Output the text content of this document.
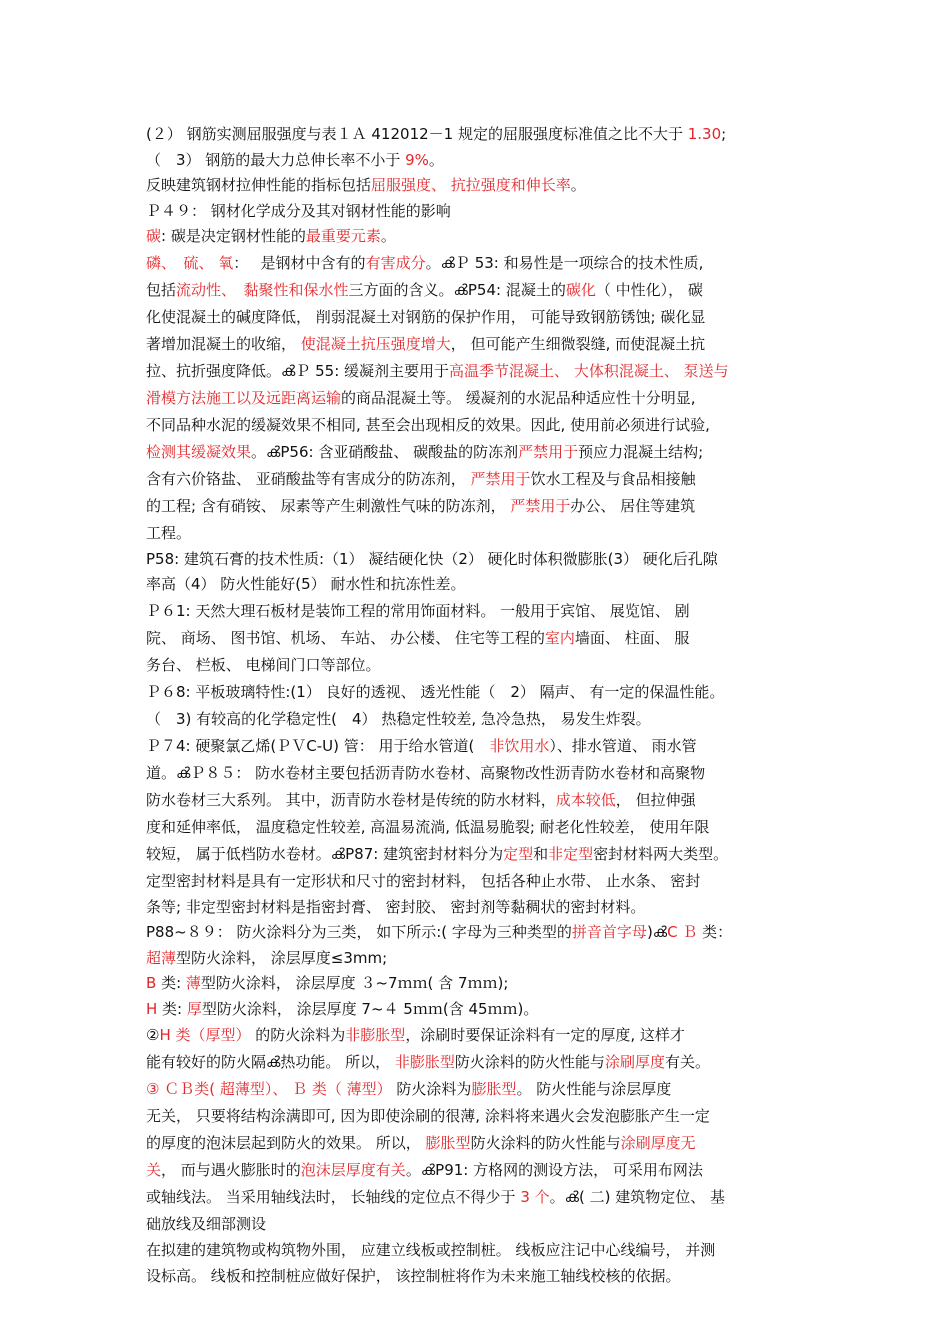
(２） 钢筋实测屈服强度与表１Ａ 412012－1 规定的屈服强度标准值之比不大于 1.30;
（　3） 钢筋的最大力总伸长率不小于 9%。
反映建筑钢材拉伸性能的指标包括屈服强度、 抗拉强度和伸长率。
Ｐ４９： 钢材化学成分及其对钢材性能的影响
碳: 碳是决定钢材性能的最重要元素。
磷、　硫、 氧：　 是钢材中含有的有害成分。ൿＰ 53: 和易性是一项综合的技术性质,
包括流动性、　黏聚性和保水性三方面的含义。ൿP54: 混凝土的碳化（ 中性化）， 碳
化使混凝土的碱度降低， 削弱混凝土对钢筋的保护作用， 可能导致钢筋锈蚀; 碳化显
著增加混凝土的收缩， 使混凝土抗压强度增大， 但可能产生细微裂缝, 而使混凝土抗
拉、抗折强度降低。ൿＰ 55: 缓凝剂主要用于高温季节混凝土、 大体积混凝土、 泵送与
滑模方法施工以及远距离运输的商品混凝土等。 缓凝剂的水泥品种适应性十分明显,
不同品种水泥的缓凝效果不相同, 甚至会出现相反的效果。因此, 使用前必须进行试验,
检测其缓凝效果。ൿP56: 含亚硝酸盐、 碳酸盐的防冻剂严禁用于预应力混凝土结构;
含有六价铬盐、 亚硝酸盐等有害成分的防冻剂， 严禁用于饮水工程及与食品相接触
的工程; 含有硝铵、 尿素等产生刺激性气味的防冻剂， 严禁用于办公、 居住等建筑
工程。
P58: 建筑石膏的技术性质:（1） 凝结硬化快（2） 硬化时体积微膨胀(3） 硬化后孔隙
率高（4） 防火性能好(5） 耐水性和抗冻性差。
Ｐ６1: 天然大理石板材是装饰工程的常用饰面材料。 一般用于宾馆、 展览馆、 剧
院、 商场、 图书馆、机场、 车站、 办公楼、 住宅等工程的室内墙面、 柱面、 服
务台、 栏板、 电梯间门口等部位。
Ｐ６8: 平板玻璃特性:(1） 良好的透视、 透光性能（　2） 隔声、 有一定的保温性能。
（　3) 有较高的化学稳定性(　4） 热稳定性较差, 急冷急热， 易发生炸裂。
Ｐ７4: 硬聚氯乙烯(ＰＶC-U) 管： 用于给水管道(　非饮用水）、排水管道、 雨水管
道。ൿＰ８５： 防水卷材主要包括沥青防水卷材、高聚物改性沥青防水卷材和高聚物
防水卷材三大系列。 其中，沥青防水卷材是传统的防水材料，成本较低， 但拉伸强
度和延伸率低， 温度稳定性较差, 高温易流淌, 低温易脆裂; 耐老化性较差， 使用年限
较短， 属于低档防水卷材。ൿP87: 建筑密封材料分为定型和非定型密封材料两大类型。
定型密封材料是具有一定形状和尺寸的密封材料， 包括各种止水带、 止水条、 密封
条等; 非定型密封材料是指密封膏、 密封胶、 密封剂等黏稠状的密封材料。
P88~８９： 防火涂料分为三类， 如下所示:( 字母为三种类型的拼音首字母)ൿC Ｂ 类：
超薄型防火涂料， 涂层厚度≤3mm;
B 类: 薄型防火涂料， 涂层厚度 ３~7ｍｍ( 含 7ｍｍ);
H 类: 厚型防火涂料， 涂层厚度 7~４ 5ｍｍ(含 45ｍｍ)。
②H 类（厚型） 的防火涂料为非膨胀型，涂刷时要保证涂料有一定的厚度, 这样才
能有较好的防火隔ൿ热功能。 所以， 非膨胀型防火涂料的防火性能与涂刷厚度有关。
③ ＣＢ类( 超薄型）、 Ｂ 类（ 薄型） 防火涂料为膨胀型。 防火性能与涂层厚度
无关， 只要将结构涂满即可, 因为即使涂刷的很薄, 涂料将来遇火会发泡膨胀产生一定
的厚度的泡沫层起到防火的效果。 所以， 膨胀型防火涂料的防火性能与涂刷厚度无
关， 而与遇火膨胀时的泡沫层厚度有关。ൿP91: 方格网的测设方法， 可采用布网法
或轴线法。 当采用轴线法时， 长轴线的定位点不得少于 3 个。ൿ( 二) 建筑物定位、 基
础放线及细部测设
在拟建的建筑物或构筑物外围， 应建立线板或控制桩。 线板应注记中心线编号， 并测
设标高。 线板和控制桩应做好保护， 该控制桩将作为未来施工轴线校核的依据。
